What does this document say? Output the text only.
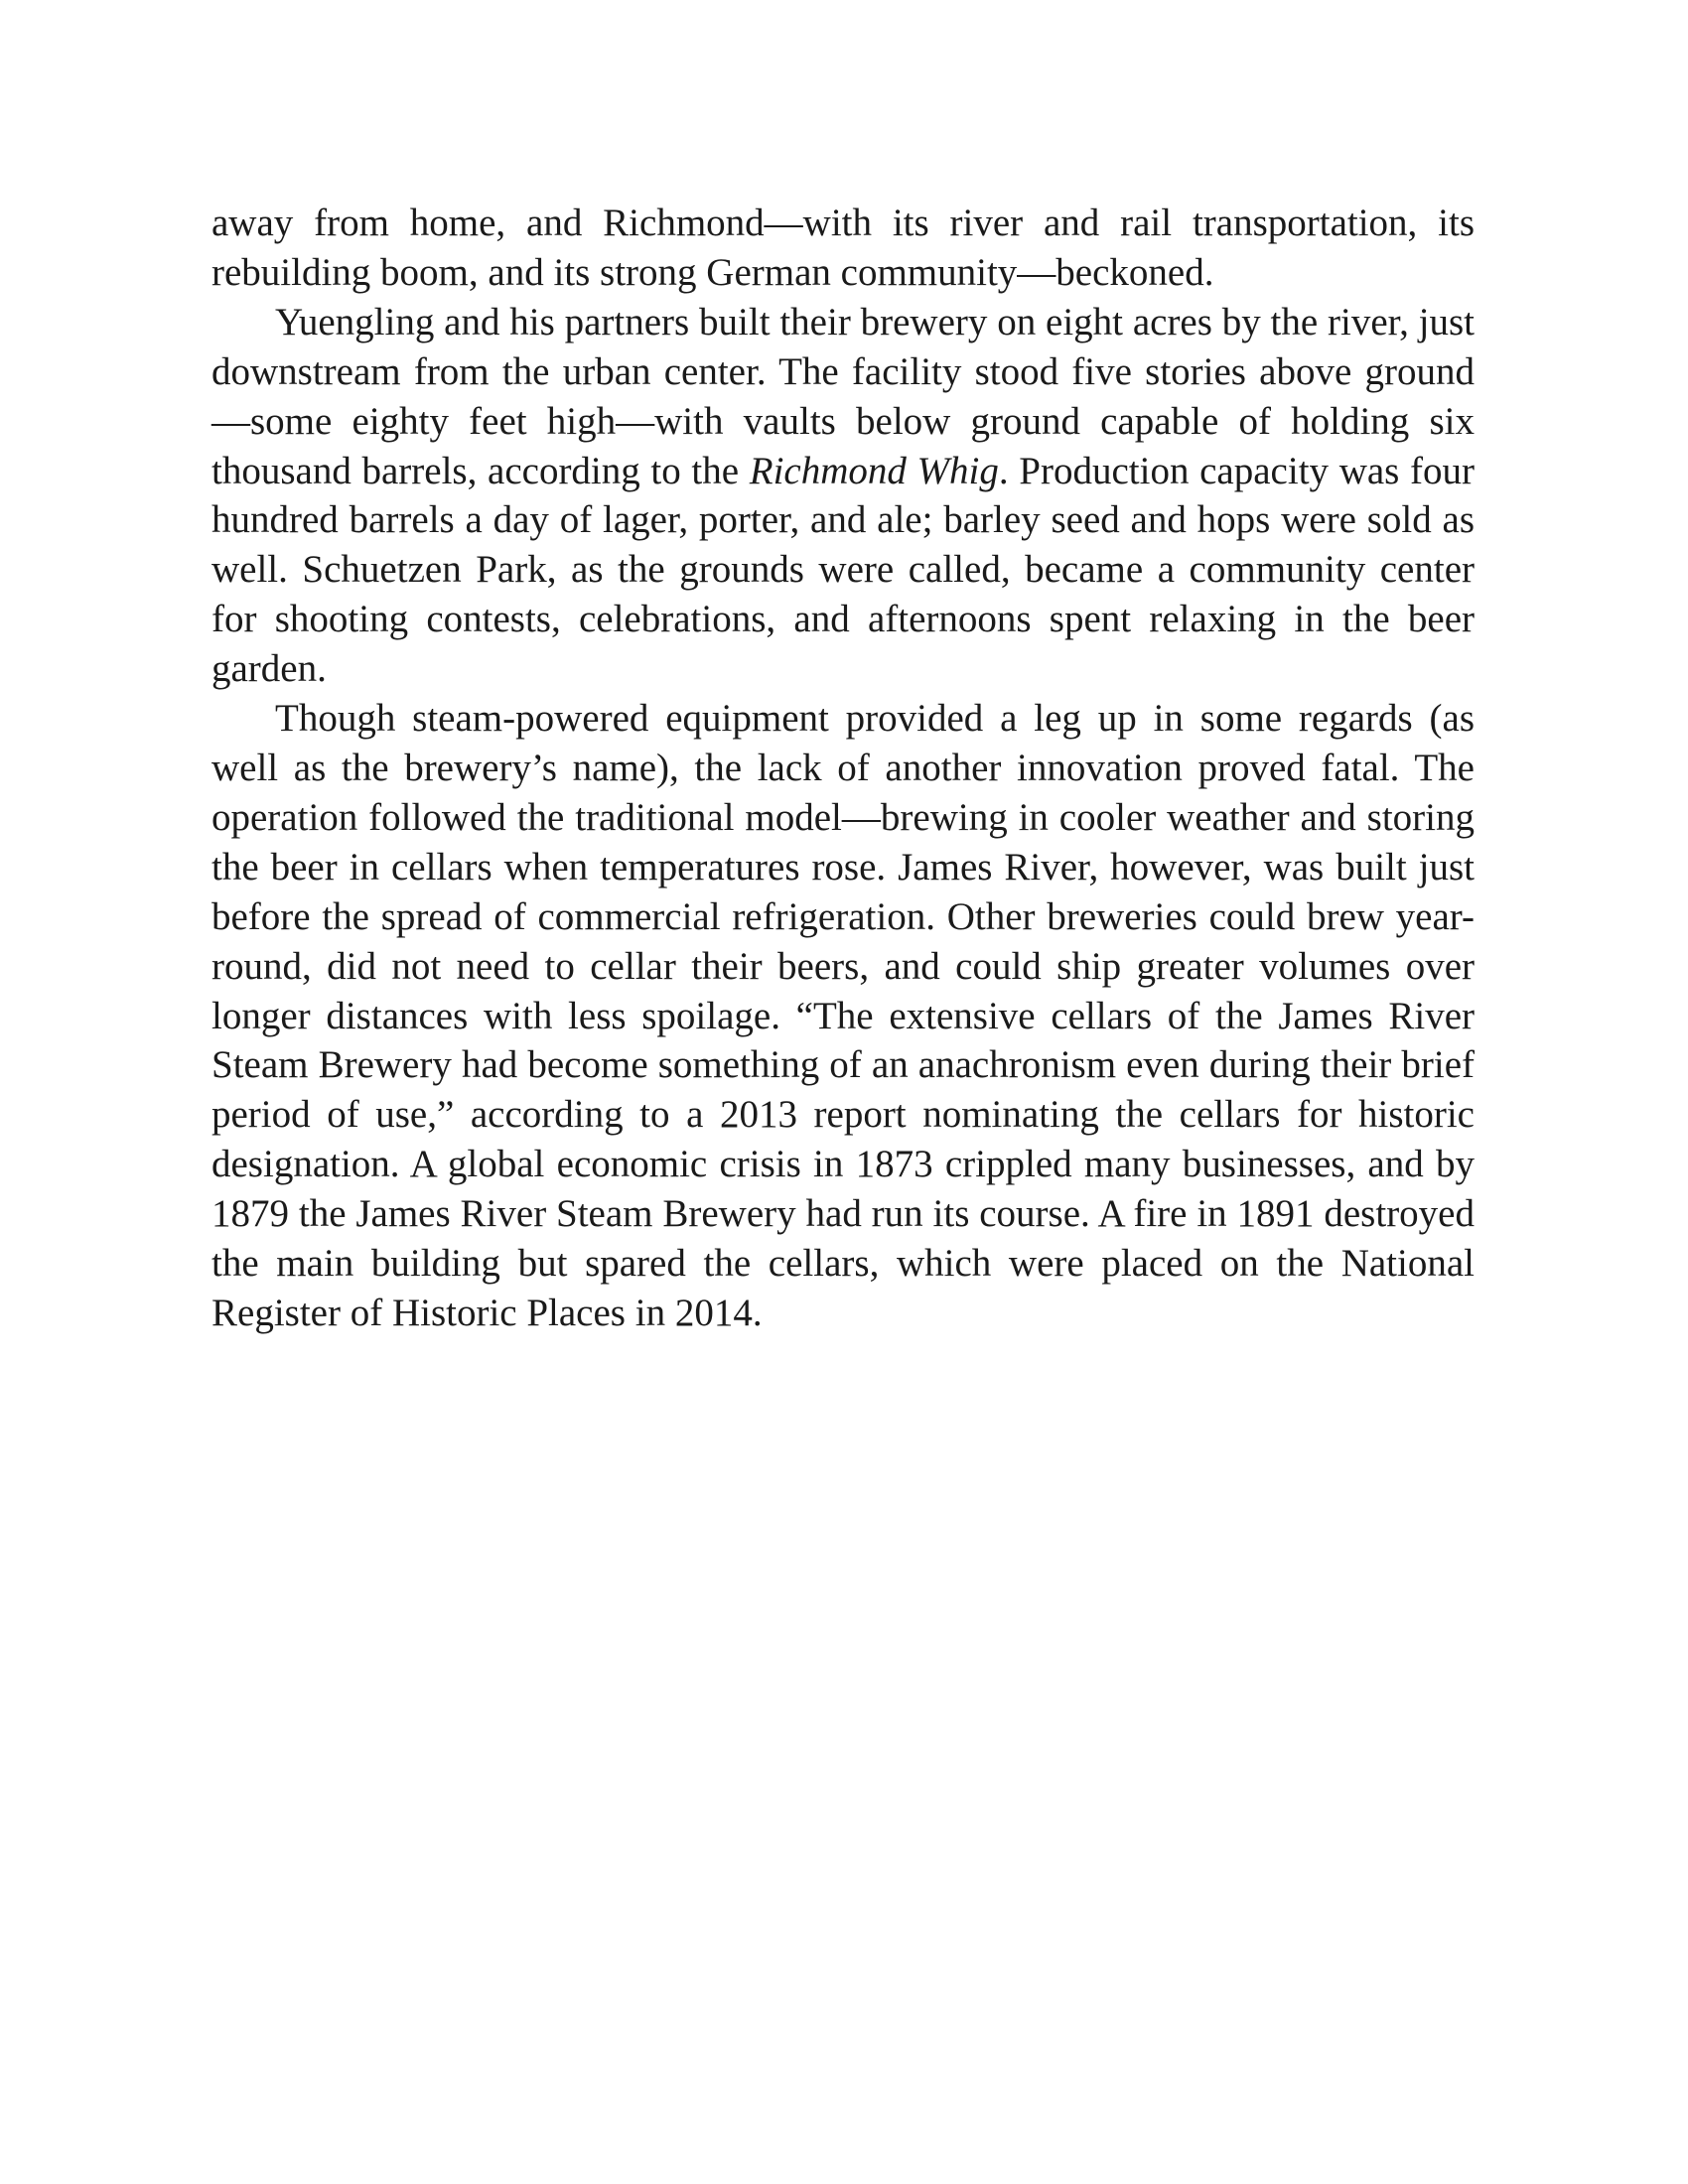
away from home, and Richmond—with its river and rail transportation, its rebuilding boom, and its strong German community—beckoned.

Yuengling and his partners built their brewery on eight acres by the river, just downstream from the urban center. The facility stood five stories above ground—some eighty feet high—with vaults below ground capable of holding six thousand barrels, according to the Richmond Whig. Production capacity was four hundred barrels a day of lager, porter, and ale; barley seed and hops were sold as well. Schuetzen Park, as the grounds were called, became a community center for shooting contests, celebrations, and afternoons spent relaxing in the beer garden.

Though steam-powered equipment provided a leg up in some regards (as well as the brewery’s name), the lack of another innovation proved fatal. The operation followed the traditional model—brewing in cooler weather and storing the beer in cellars when temperatures rose. James River, however, was built just before the spread of commercial refrigeration. Other breweries could brew year-round, did not need to cellar their beers, and could ship greater volumes over longer distances with less spoilage. “The extensive cellars of the James River Steam Brewery had become something of an anachronism even during their brief period of use,” according to a 2013 report nominating the cellars for historic designation. A global economic crisis in 1873 crippled many businesses, and by 1879 the James River Steam Brewery had run its course. A fire in 1891 destroyed the main building but spared the cellars, which were placed on the National Register of Historic Places in 2014.
